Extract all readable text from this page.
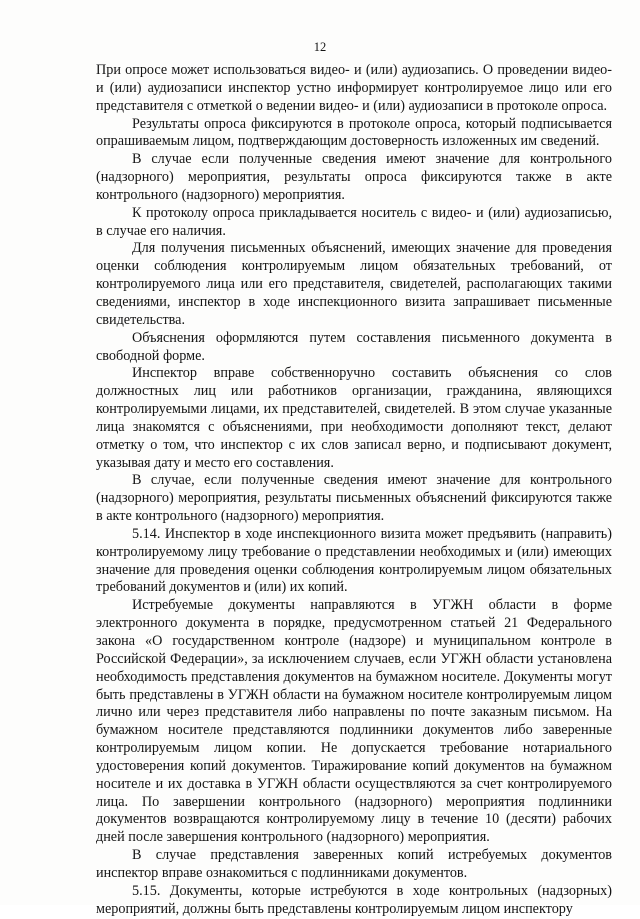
12

При опросе может использоваться видео- и (или) аудиозапись. О проведении видео- и (или) аудиозаписи инспектор устно информирует контролируемое лицо или его представителя с отметкой о ведении видео- и (или) аудиозаписи в протоколе опроса.

Результаты опроса фиксируются в протоколе опроса, который подписывается опрашиваемым лицом, подтверждающим достоверность изложенных им сведений.

В случае если полученные сведения имеют значение для контрольного (надзорного) мероприятия, результаты опроса фиксируются также в акте контрольного (надзорного) мероприятия.

К протоколу опроса прикладывается носитель с видео- и (или) аудиозаписью, в случае его наличия.

Для получения письменных объяснений, имеющих значение для проведения оценки соблюдения контролируемым лицом обязательных требований, от контролируемого лица или его представителя, свидетелей, располагающих такими сведениями, инспектор в ходе инспекционного визита запрашивает письменные свидетельства.

Объяснения оформляются путем составления письменного документа в свободной форме.

Инспектор вправе собственноручно составить объяснения со слов должностных лиц или работников организации, гражданина, являющихся контролируемыми лицами, их представителей, свидетелей. В этом случае указанные лица знакомятся с объяснениями, при необходимости дополняют текст, делают отметку о том, что инспектор с их слов записал верно, и подписывают документ, указывая дату и место его составления.

В случае, если полученные сведения имеют значение для контрольного (надзорного) мероприятия, результаты письменных объяснений фиксируются также в акте контрольного (надзорного) мероприятия.

5.14. Инспектор в ходе инспекционного визита может предъявить (направить) контролируемому лицу требование о представлении необходимых и (или) имеющих значение для проведения оценки соблюдения контролируемым лицом обязательных требований документов и (или) их копий.

Истребуемые документы направляются в УГЖН области в форме электронного документа в порядке, предусмотренном статьей 21 Федерального закона «О государственном контроле (надзоре) и муниципальном контроле в Российской Федерации», за исключением случаев, если УГЖН области установлена необходимость представления документов на бумажном носителе. Документы могут быть представлены в УГЖН области на бумажном носителе контролируемым лицом лично или через представителя либо направлены по почте заказным письмом. На бумажном носителе представляются подлинники документов либо заверенные контролируемым лицом копии. Не допускается требование нотариального удостоверения копий документов. Тиражирование копий документов на бумажном носителе и их доставка в УГЖН области осуществляются за счет контролируемого лица. По завершении контрольного (надзорного) мероприятия подлинники документов возвращаются контролируемому лицу в течение 10 (десяти) рабочих дней после завершения контрольного (надзорного) мероприятия.

В случае представления заверенных копий истребуемых документов инспектор вправе ознакомиться с подлинниками документов.

5.15. Документы, которые истребуются в ходе контрольных (надзорных) мероприятий, должны быть представлены контролируемым лицом инспектору
